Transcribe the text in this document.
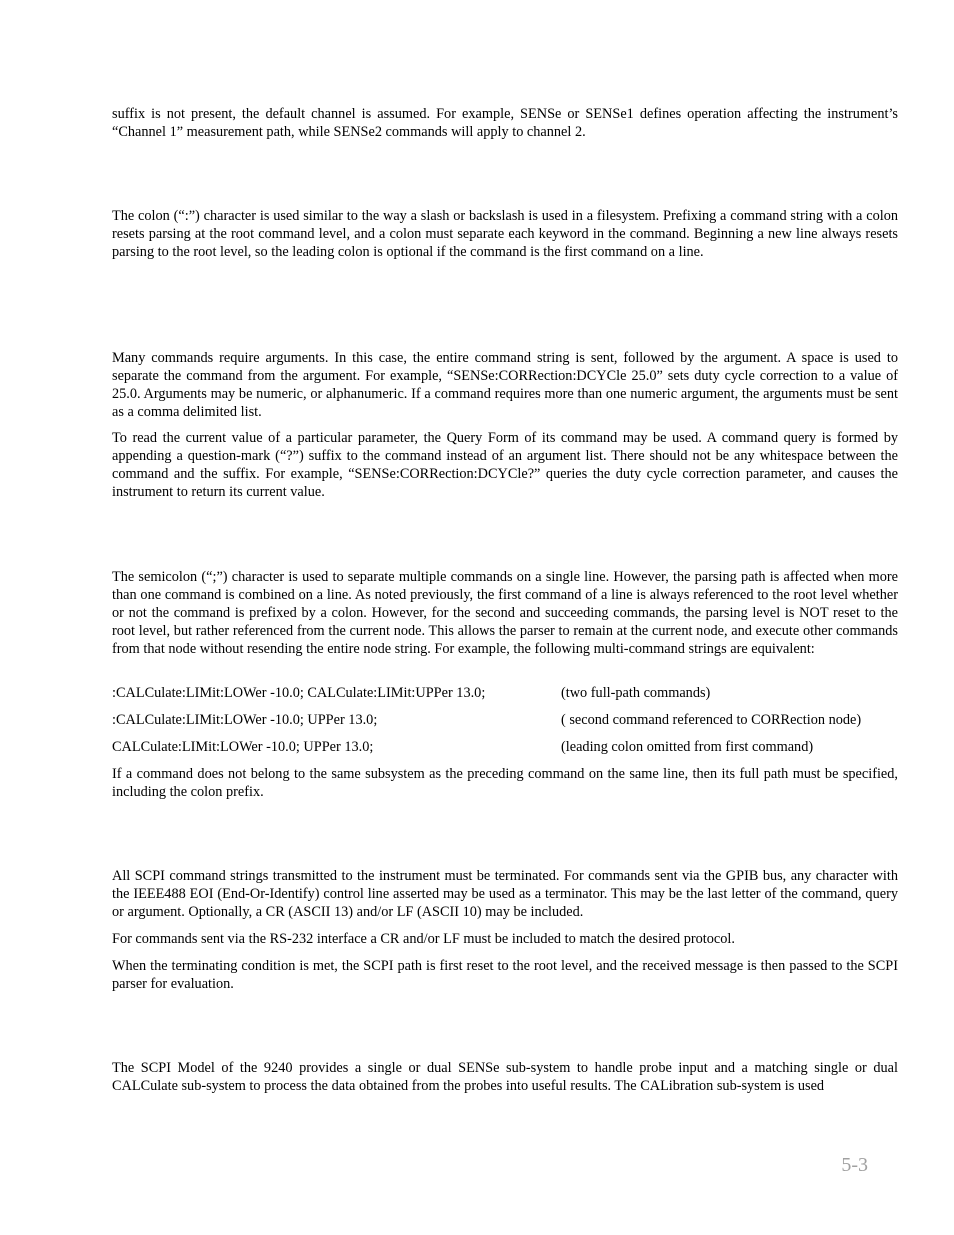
suffix is not present, the default channel is assumed. For example, SENSe or SENSe1 defines operation affecting the instrument’s “Channel 1” measurement path, while SENSe2 commands will apply to channel 2.

The colon (“:”) character is used similar to the way a slash or backslash is used in a filesystem. Prefixing a command string with a colon resets parsing at the root command level, and a colon must separate each keyword in the command. Beginning a new line always resets parsing to the root level, so the leading colon is optional if the command is the first command on a line.

Many commands require arguments. In this case, the entire command string is sent, followed by the argument. A space is used to separate the command from the argument. For example, “SENSe:CORRection:DCYCle 25.0” sets duty cycle correction to a value of 25.0. Arguments may be numeric, or alphanumeric. If a command requires more than one numeric argument, the arguments must be sent as a comma delimited list.

To read the current value of a particular parameter, the Query Form of its command may be used. A command query is formed by appending a question-mark (“?”) suffix to the command instead of an argument list. There should not be any whitespace between the command and the suffix. For example, “SENSe:CORRection:DCYCle?” queries the duty cycle correction parameter, and causes the instrument to return its current value.

The semicolon (“;”) character is used to separate multiple commands on a single line. However, the parsing path is affected when more than one command is combined on a line. As noted previously, the first command of a line is always referenced to the root level whether or not the command is prefixed by a colon. However, for the second and succeeding commands, the parsing level is NOT reset to the root level, but rather referenced from the current node. This allows the parser to remain at the current node, and execute other commands from that node without resending the entire node string. For example, the following multi-command strings are equivalent:

:CALCulate:LIMit:LOWer -10.0; CALCulate:LIMit:UPPer 13.0;	(two full-path commands)
:CALCulate:LIMit:LOWer -10.0; UPPer 13.0;	( second command referenced to CORRection node)
CALCulate:LIMit:LOWer -10.0; UPPer 13.0;	(leading colon omitted from first command)

If a command does not belong to the same subsystem as the preceding command on the same line, then its full path must be specified, including the colon prefix.

All SCPI command strings transmitted to the instrument must be terminated. For commands sent via the GPIB bus, any character with the IEEE488 EOI (End-Or-Identify) control line asserted may be used as a terminator. This may be the last letter of the command, query or argument. Optionally, a CR (ASCII 13) and/or LF (ASCII 10) may be included.

For commands sent via the RS-232 interface a CR and/or LF must be included to match the desired protocol.

When the terminating condition is met, the SCPI path is first reset to the root level, and the received message is then passed to the SCPI parser for evaluation.

The SCPI Model of the 9240 provides a single or dual SENSe sub-system to handle probe input and a matching single or dual CALCulate sub-system to process the data obtained from the probes into useful results. The CALibration sub-system is used

5-3
